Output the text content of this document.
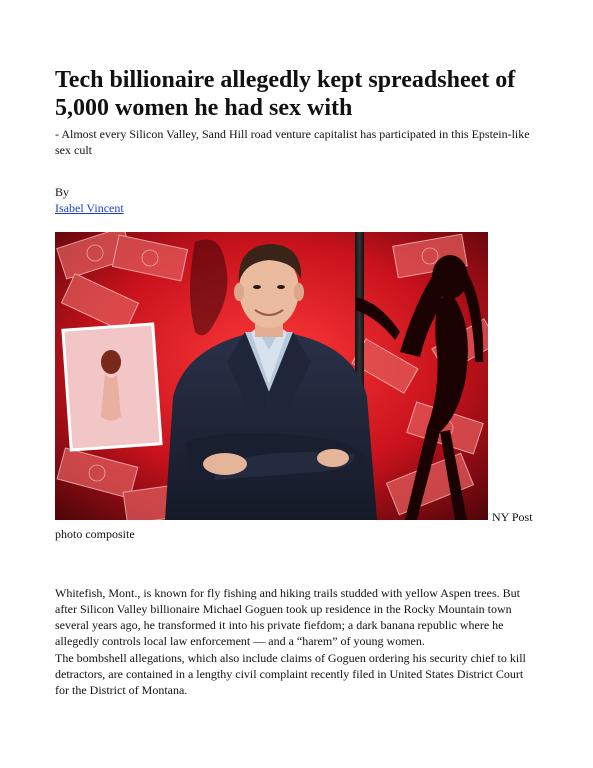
Tech billionaire allegedly kept spreadsheet of 5,000 women he had sex with

- Almost every Silicon Valley, Sand Hill road venture capitalist has participated in this Epstein-like sex cult

By
Isabel Vincent
NY Post
photo composite

Whitefish, Mont., is known for fly fishing and hiking trails studded with yellow Aspen trees. But after Silicon Valley billionaire Michael Goguen took up residence in the Rocky Mountain town several years ago, he transformed it into his private fiefdom; a dark banana republic where he allegedly controls local law enforcement — and a “harem” of young women.

The bombshell allegations, which also include claims of Goguen ordering his security chief to kill detractors, are contained in a lengthy civil complaint recently filed in United States District Court for the District of Montana.
